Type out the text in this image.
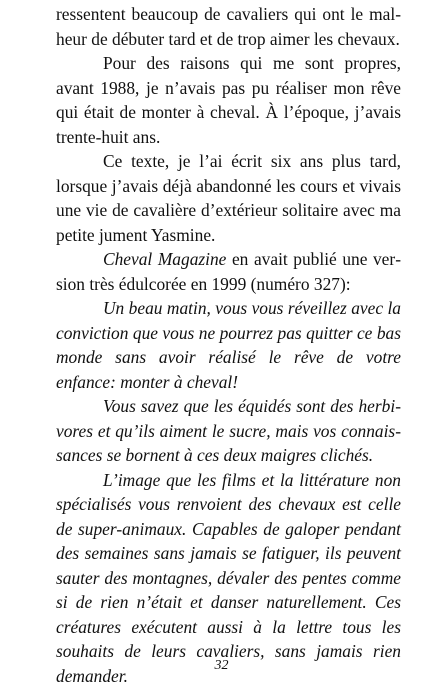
ressentent beaucoup de cavaliers qui ont le malheur de débuter tard et de trop aimer les chevaux.

Pour des raisons qui me sont propres, avant 1988, je n’avais pas pu réaliser mon rêve qui était de monter à cheval. À l’époque, j’avais trente-huit ans.

Ce texte, je l’ai écrit six ans plus tard, lorsque j’avais déjà abandonné les cours et vivais une vie de cavalière d’extérieur solitaire avec ma petite jument Yasmine.

Cheval Magazine en avait publié une version très édulcorée en 1999 (numéro 327):

Un beau matin, vous vous réveillez avec la conviction que vous ne pourrez pas quitter ce bas monde sans avoir réalisé le rêve de votre enfance: monter à cheval!

Vous savez que les équidés sont des herbivores et qu’ils aiment le sucre, mais vos connaissances se bornent à ces deux maigres clichés.

L’image que les films et la littérature non spécialisés vous renvoient des chevaux est celle de super-animaux. Capables de galoper pendant des semaines sans jamais se fatiguer, ils peuvent sauter des montagnes, dévaler des pentes comme si de rien n’était et danser naturellement. Ces créatures exécutent aussi à la lettre tous les souhaits de leurs cavaliers, sans jamais rien demander.	32
